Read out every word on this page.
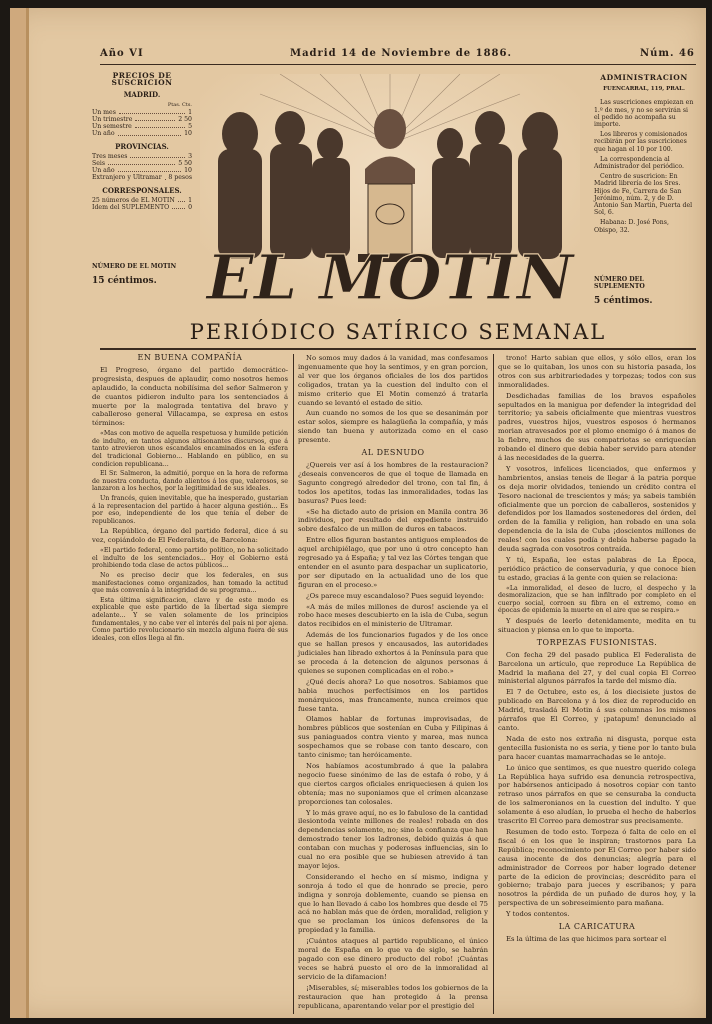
Año VI	Madrid 14 de Noviembre de 1886.	Núm. 46
PRECIOS DE SUSCRICION
MADRID.
Ptas. Cts.
Un mes	1
Un trimestre	2 50
Un semestre	5
Un año	10
PROVINCIAS.
Tres meses	3
Seis	5 50
Un año	10
Extranjero y Ultramar 8 pesos
CORRESPONSALES.
25 números de EL MOTIN 1
Idem del SUPLEMENTO	0
NÚMERO DE EL MOTIN
15 céntimos. EL MOTIN
ADMINISTRACION
FUENCARRAL, 119, PRAL.
Las suscriciones empiezan en 1.º de mes, y no se servirán si el pedido no acompaña su importe.
Los libreros y comisionados recibirán por las suscriciones que hagan el 10 por 100.
La correspondencia al Administrador del periódico.
Centro de suscricion: En Madrid librería de los Sres. Hijos de Fe, Carrera de San Jerónimo, núm. 2, y de D. Antonio San Martin, Puerta del Sol, 6.
Habana: D. José Pons, Obispo, 32.
NÚMERO DEL SUPLEMENTO
5 céntimos.
PERIÓDICO SATÍRICO SEMANAL
EN BUENA COMPAÑÍA

El Progreso, órgano del partido democrático-progresista, despues de aplaudir, como nosotros hemos aplaudido, la conducta nobilísima del señor Salmeron y de cuantos pidieron indulto para los sentenciados á muerte por la malograda tentativa del bravo y caballeroso general Villacampa, se expresa en estos términos:

«Mas con motivo de aquella respetuosa y humilde petición de indulto, en tantos algunos altisonantes discursos, que á tanto atrevieron unos escandalos encaminados en la esfera del tradicional Gobierno... Hablando en público, en su condicion republicana...

El Sr. Salmeron, la admitió, porque en la hora de reforma de nuestra conducta, dando alientos á los que, valerosos, se lanzaron a los hechos, por la legitimidad de sus ideales.

Un francés, quien inevitable, que ha inesperado, gustarian á la representacion del partido á hacer alguna gestión... Es por eso, independiente de los que tenía el deber de republicanos.

La República, órgano del partido federal, dice á su vez, copiándolo de El Federalista, de Barcelona:

«El partido federal, como partido político, no ha solicitado el indulto de los sentenciados... Hoy el Gobierno está prohibiendo toda clase de actos públicos...

No es preciso decir que los federales, en sus manifestaciones como organizados, han tomado la actitud que más convenía á la integridad de su programa...

Esta última significacion, clave y de este modo es explicable que este partido de la libertad siga siempre adelante... Y se valen solamente de los principios fundamentales, y no cabe ver el interés del país ni por ajena. Como partido revolucionario sin mezcla alguna fuera de sus ideales, con ellos llega al fin.

No somos muy dados á la vanidad, mas confesamos ingenuamente que hoy la sentimos, y en gran porcion, al ver que los órganos oficiales de los dos partidos coligados, tratan ya la cuestion del indulto con el mismo criterio que El Motin comenzó á tratarla cuando se levantó el estado de sitio.

Aun cuando no somos de los que se desanimán por estar solos, siempre es halagüeña la compañía, y más siendo tan buena y autorizada como en el caso presente.

AL DESNUDO

¿Quereis ver así á los hombres de la restauracion? ¿deseais convenceros de que el toque de llamada en Sagunto congregó alrededor del trono, con tal fin, á todos los apetitos, todas las inmoralidades, todas las basuras? Pues leed:

«Se ha dictado auto de prision en Manila contra 36 individuos, por resultado del expediente instruido sobre desfalco de un millon de duros en tabacos.

Entre ellos figuran bastantes antiguos empleados de aquel archipiélago, que por uno ú otro concepto han regresado ya á España; y tal vez las Córtes tengan que entender en el asunto para despachar un suplicatorio, por ser diputado en la actualidad uno de los que figuran en el proceso.»

¿Os parece muy escandaloso? Pues seguid leyendo:

«A más de miles millones de duros! asciende ya el robo hace meses descubierto en la isla de Cuba, segun datos recibidos en el ministerio de Ultramar.

Además de los funcionarios fugados y de los once que se hallan presos y encausados, las autoridades judiciales han librado exhortos á la Península para que se proceda á la detencion de algunos personas á quienes se suponen complicadas en el robo.»

¿Qué decís ahora? Lo que nosotros. Sabiamos que habia muchos perfectísimos en los partidos monárquicos, mas francamente, nunca creimos que fuese tanta.

Olamos hablar de fortunas improvisadas, de hombres públicos que sostenían en Cuba y Filipinas á sus paniaguados contra viento y marea, mas nunca sospechamos que se robase con tanto descaro, con tanto cinismo; tan heróicamente.

Nos habíamos acostumbrado á que la palabra negocio fuese sinónimo de las de estafa ó robo, y á que ciertos cargos oficiales enriqueciesen á quien los obtenía; mas no suponiamos que el crímen alcanzase proporciones tan colosales.

Y lo más grave aquí, no es lo fabuloso de la cantidad ilesiontoda veinte millones de reales! robada en dos dependencias solamente, no; sino la confianza que han demostrado tener los ladrones, debido quizás á que contaban con muchas y poderosas influencias, sin lo cual no era posible que se hubiesen atrevido á tan mayor lejos.

Considerando el hecho en sí mismo, indigna y sonroja á todo el que de honrado se precie, pero indigna y sonroja doblemente, cuando se piensa en que lo han llevado á cabo los hombres que desde el 75 acá no hablan más que de órden, moralidad, religion y que se proclaman los únicos defensores de la propiedad y la familia.

¡Cuántos ataques al partido republicano, el único moral de España en lo que va de siglo, se habrán pagado con ese dinero producto del robo! ¡Cuántas veces se habrá puesto el oro de la inmoralidad al servicio de la difamacion!

¡Miserables, sí; miserables todos los gobiernos de la restauracion que han protegido á la prensa republicana, aparentando velar por el prestigio del

trono! Harto sabian que ellos, y sólo ellos, eran los que se lo quitaban, los unos con su historia pasada, los otros con sus arbitrariedades y torpezas; todos con sus inmoralidades.

Desdichadas familias de los bravos españoles sepultados en la manigua por defender la integridad del territorio; ya sabeis oficialmente que mientras vuestros padres, vuestros hijos, vuestros esposos ó hermanos morian atravesados por el plomo enemigo ó á manos de la fiebre, muchos de sus compatriotas se enriquecían robando el dinero que debia haber servido para atender á las necesidades de la guerra.

Y vosotros, infelices licenciados, que enfermos y hambrientos, ansias teneis de llegar á la patria porque os deja morir olvidados, teniendo un crédito contra el Tesoro nacional de trescientos y más; ya sabeis también oficialmente que un porcion de caballeros, sostenidos y defendidos por los llamados sostenedores del órden, del orden de la familia y religion, han robado en una sola dependencia de la isla de Cuba ¡doscientos millones de reales! con los cuales podía y debía haberse pagado la deuda sagrada con vosotros contraída.

Y tú, España, lee estas palabras de La Época, periódico práctico de conservaduría, y que conoce bien tu estado, gracias á la gente con quien se relaciona:

«La inmoralidad, el deseo de lucro, el despecho y la desmoralizacion, que se han infiltrado por completo en el cuerpo social, corroen su fibra en el extremo, como en épocas de epidemia la muerte en el aire que se respira.»

Y después de leerlo detenidamente, medita en tu situacion y piensa en lo que te importa.

TORPEZAS FUSIONISTAS.

Con fecha 29 del pasado publica El Federalista de Barcelona un artículo, que reproduce La República de Madrid la mañana del 27, y del cual copia El Correo ministerial algunos párrafos la tarde del mismo día.

El 7 de Octubre, esto es, á los diecisiete justos de publicado en Barcelona y á los diez de reproducido en Madrid, trasladá El Motin á sus columnas los mismos párrafos que El Correo, y ¡patapum! denunciado al canto.

Nada de esto nos extraña ni disgusta, porque esta gentecilla fusionista no es seria, y tiene por lo tanto bula para hacer cuantas mamarrachadas se le antoje.

Lo único que sentimos, es que nuestro querido colega La República haya sufrido esa denuncia retrospectiva, por habérsenos anticipado á nosotros copiar con tanto retraso unos párrafos en que se censuraba la conducta de los salmeronianos en la cuestion del indulto. Y que solamente á eso aludían, lo prueba el hecho de haberlos trascrito El Correo para demostrar sus precisamente.

Resumen de todo esto. Torpeza ó falta de celo en el fiscal ó en los que le inspiran; trastornos para La República; reconocimiento por El Correo por haber sido causa inocente de dos denuncias; alegría para el administrador de Correos por haber logrado detener parte de la edicion de provincias; descrédito para el gobierno; trabajo para jueces y escribanos; y para nosotros la pérdida de un puñado de duros hoy, y la perspectiva de un sobreseimiento para mañana.

Y todos contentos.

LA CARICATURA

Es la última de las que hicimos para sortear el
